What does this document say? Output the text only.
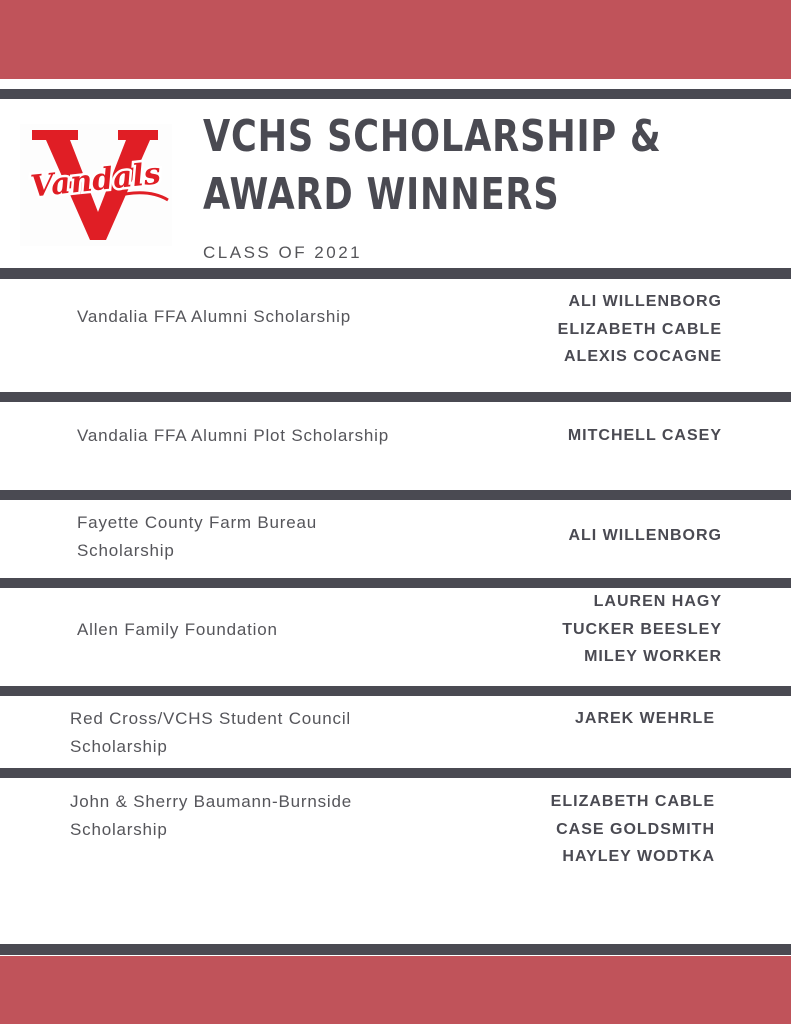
Vandals
VCHS SCHOLARSHIP &
AWARD WINNERS
CLASS OF 2021
Vandalia FFA Alumni Scholarship
ALI WILLENBORG
ELIZABETH CABLE
ALEXIS COCAGNE
Vandalia FFA Alumni Plot Scholarship	MITCHELL CASEY
Fayette County Farm Bureau
Scholarship
ALI WILLENBORG
Allen Family Foundation
LAUREN HAGY
TUCKER BEESLEY
MILEY WORKER
Red Cross/VCHS Student Council
Scholarship
JAREK WEHRLE
John & Sherry Baumann-Burnside
Scholarship
ELIZABETH CABLE
CASE GOLDSMITH
HAYLEY WODTKA
